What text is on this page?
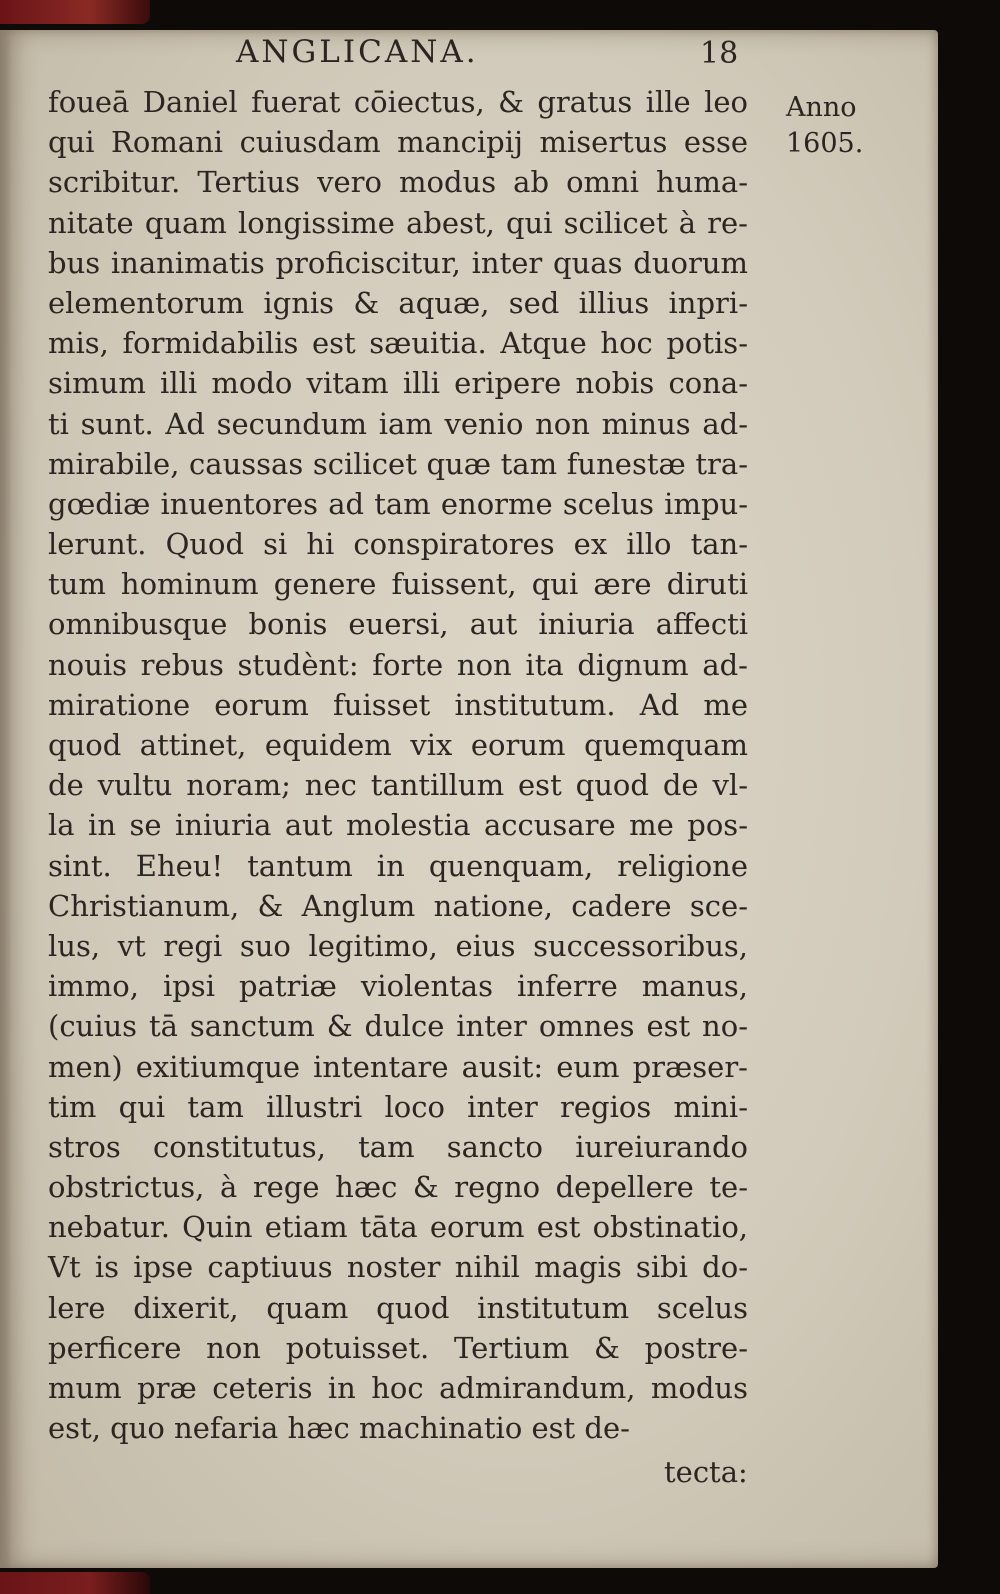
ANGLICANA.	18
Anno
1605.
foueā Daniel fuerat cōiectus, & gratus ille leo
qui Romani cuiusdam mancipij misertus esse
scribitur. Tertius vero modus ab omni huma-
nitate quam longissime abest, qui scilicet à re-
bus inanimatis proficiscitur, inter quas duorum
elementorum ignis & aquæ, sed illius inpri-
mis, formidabilis est sæuitia. Atque hoc potis-
simum illi modo vitam illi eripere nobis cona-
ti sunt. Ad secundum iam venio non minus ad-
mirabile, caussas scilicet quæ tam funestæ tra-
gœdiæ inuentores ad tam enorme scelus impu-
lerunt. Quod si hi conspiratores ex illo tan-
tum hominum genere fuissent, qui ære diruti
omnibusque bonis euersi, aut iniuria affecti
nouis rebus studènt: forte non ita dignum ad-
miratione eorum fuisset institutum. Ad me
quod attinet, equidem vix eorum quemquam
de vultu noram; nec tantillum est quod de vl-
la in se iniuria aut molestia accusare me pos-
sint. Eheu! tantum in quenquam, religione
Christianum, & Anglum natione, cadere sce-
lus, vt regi suo legitimo, eius successoribus,
immo, ipsi patriæ violentas inferre manus,
(cuius tā sanctum & dulce inter omnes est no-
men) exitiumque intentare ausit: eum præser-
tim qui tam illustri loco inter regios mini-
stros constitutus, tam sancto iureiurando
obstrictus, à rege hæc & regno depellere te-
nebatur. Quin etiam tāta eorum est obstinatio,
Vt is ipse captiuus noster nihil magis sibi do-
lere dixerit, quam quod institutum scelus
perficere non potuisset. Tertium & postre-
mum præ ceteris in hoc admirandum, modus
est, quo nefaria hæc machinatio est de-
tecta:
